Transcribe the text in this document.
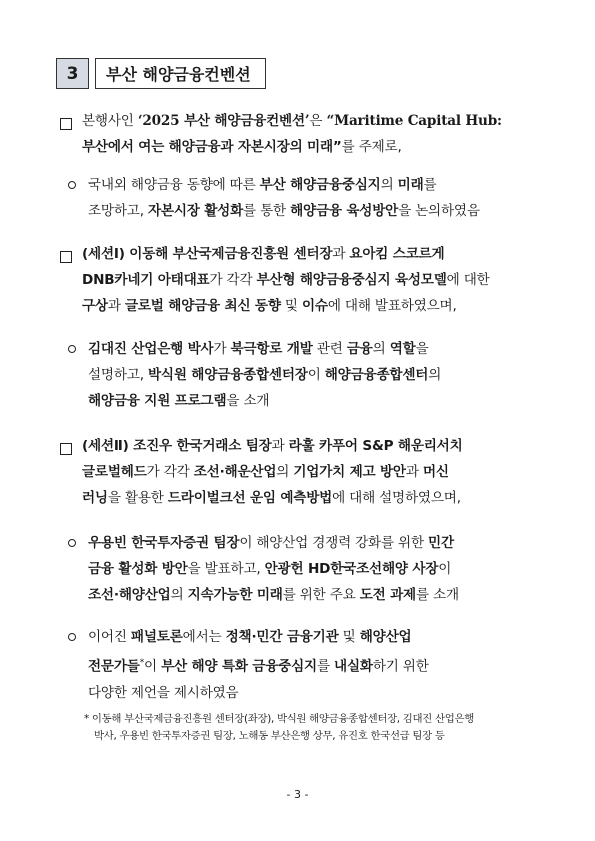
3	부산 해양금융컨벤션
본행사인 ‘2025 부산 해양금융컨벤션’은 “Maritime Capital Hub:
부산에서 여는 해양금융과 자본시장의 미래”를 주제로,
국내외 해양금융 동향에 따른 부산 해양금융중심지의 미래를
조망하고, 자본시장 활성화를 통한 해양금융 육성방안을 논의하였음
(세션Ⅰ) 이동해 부산국제금융진흥원 센터장과 요아킴 스코르게
DNB카네기 아태대표가 각각 부산형 해양금융중심지 육성모델에 대한
구상과 글로벌 해양금융 최신 동향 및 이슈에 대해 발표하였으며,
김대진 산업은행 박사가 북극항로 개발 관련 금융의 역할을
설명하고, 박식원 해양금융종합센터장이 해양금융종합센터의
해양금융 지원 프로그램을 소개
(세션Ⅱ) 조진우 한국거래소 팀장과 라훌 카푸어 S&P 해운리서치
글로벌헤드가 각각 조선·해운산업의 기업가치 제고 방안과 머신
러닝을 활용한 드라이벌크선 운임 예측방법에 대해 설명하였으며,
우용빈 한국투자증권 팀장이 해양산업 경쟁력 강화를 위한 민간
금융 활성화 방안을 발표하고, 안광헌 HD한국조선해양 사장이
조선·해양산업의 지속가능한 미래를 위한 주요 도전 과제를 소개
이어진 패널토론에서는 정책·민간 금융기관 및 해양산업
전문가들*이 부산 해양 특화 금융중심지를 내실화하기 위한
다양한 제언을 제시하였음
* 이동해 부산국제금융진흥원 센터장(좌장), 박식원 해양금융종합센터장, 김대진 산업은행
박사, 우용빈 한국투자증권 팀장, 노해동 부산은행 상무, 유진호 한국선급 팀장 등
- 3 -
